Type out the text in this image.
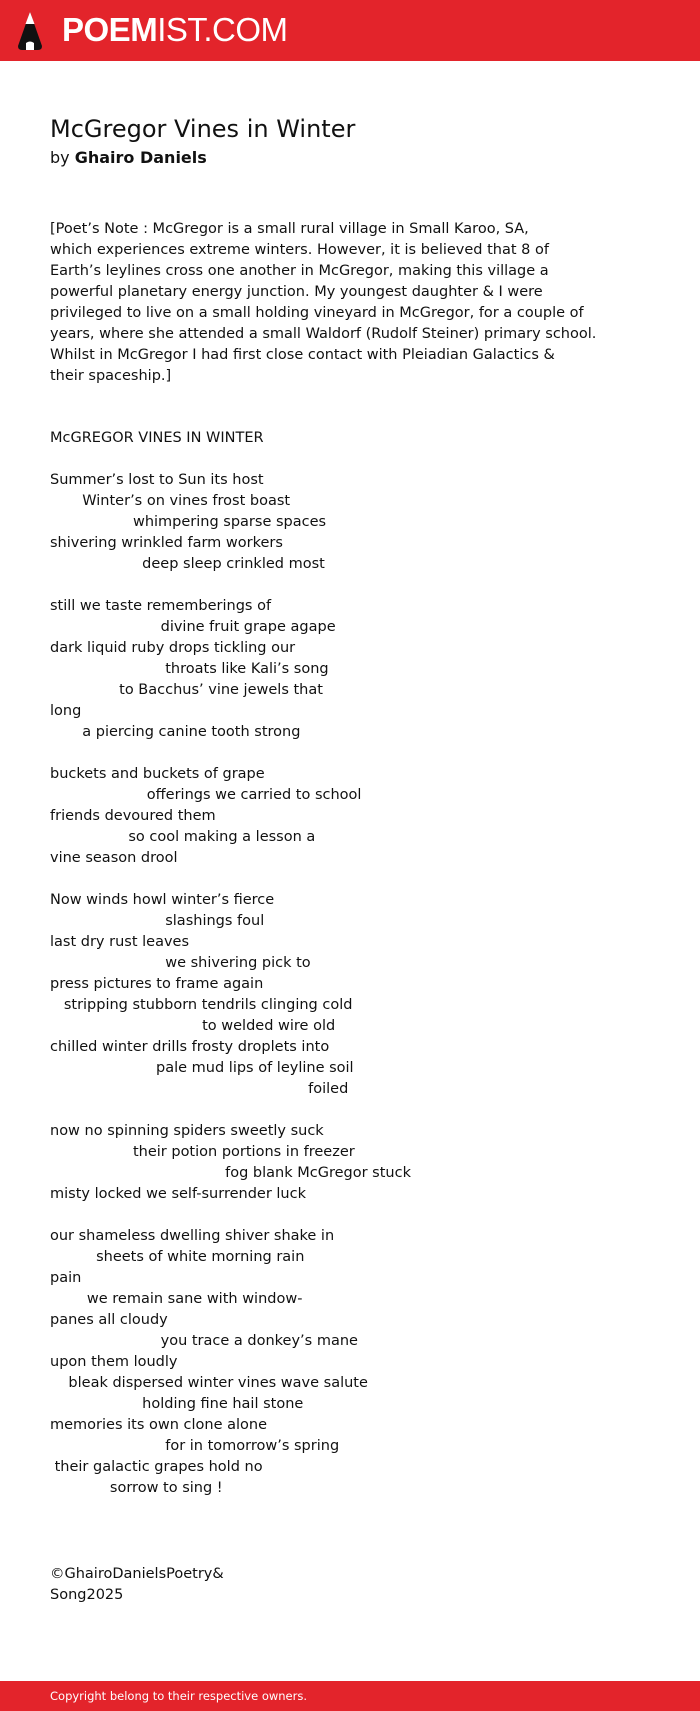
POEMIST.COM
McGregor Vines in Winter
by Ghairo Daniels
[Poet’s Note : McGregor is a small rural village in Small Karoo, SA,
which experiences extreme winters. However, it is believed that 8 of
Earth’s leylines cross one another in McGregor, making this village a
powerful planetary energy junction. My youngest daughter & I were
privileged to live on a small holding vineyard in McGregor, for a couple of
years, where she attended a small Waldorf (Rudolf Steiner) primary school.
Whilst in McGregor I had first close contact with Pleiadian Galactics &
their spaceship.]
McGREGOR VINES IN WINTER
Summer’s lost to Sun its host
Winter’s on vines frost boast
whimpering sparse spaces
shivering wrinkled farm workers
deep sleep crinkled most
still we taste rememberings of
divine fruit grape agape
dark liquid ruby drops tickling our
throats like Kali’s song
to Bacchus’ vine jewels that
long
a piercing canine tooth strong
buckets and buckets of grape
offerings we carried to school
friends devoured them
so cool making a lesson a
vine season drool
Now winds howl winter’s fierce
slashings foul
last dry rust leaves
we shivering pick to
press pictures to frame again
stripping stubborn tendrils clinging cold
to welded wire old
chilled winter drills frosty droplets into
pale mud lips of leyline soil
foiled
now no spinning spiders sweetly suck
their potion portions in freezer
fog blank McGregor stuck
misty locked we self-surrender luck
our shameless dwelling shiver shake in
sheets of white morning rain
pain
we remain sane with window-
panes all cloudy
you trace a donkey’s mane
upon them loudly
bleak dispersed winter vines wave salute
holding fine hail stone
memories its own clone alone
for in tomorrow’s spring
their galactic grapes hold no
sorrow to sing !
©GhairoDanielsPoetry&
Song2025
Copyright belong to their respective owners.
